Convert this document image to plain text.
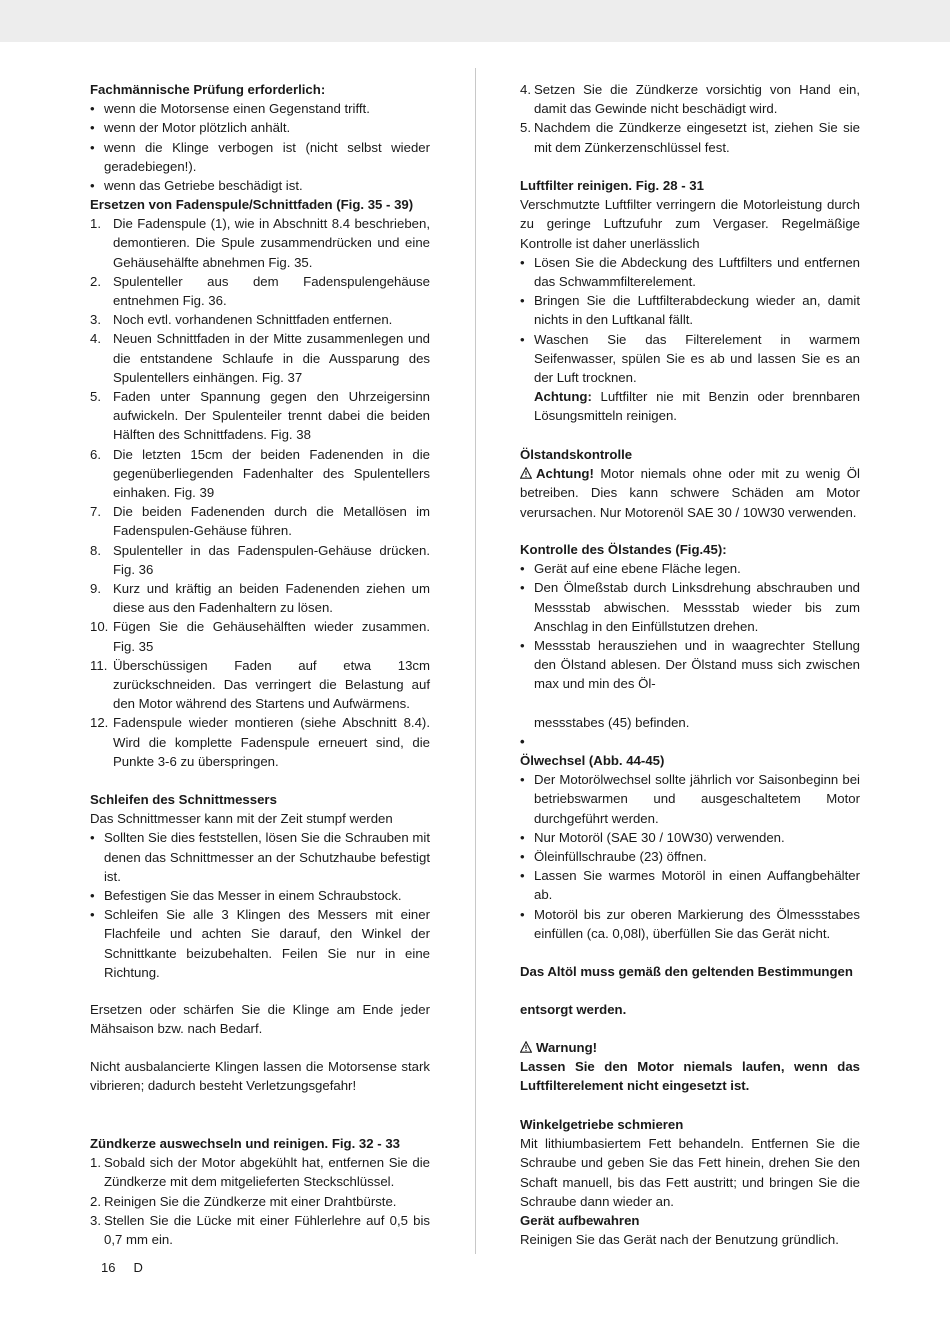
Fachmännische Prüfung erforderlich:
• wenn die Motorsense einen Gegenstand trifft.
• wenn der Motor plötzlich anhält.
• wenn die Klinge verbogen ist (nicht selbst wieder geradebiegen!).
• wenn das Getriebe beschädigt ist.
Ersetzen von Fadenspule/Schnittfaden (Fig. 35 - 39)
1. Die Fadenspule (1), wie in Abschnitt 8.4 beschrieben, demontieren. Die Spule zusammendrücken und eine Gehäusehälfte abnehmen Fig. 35.
2. Spulenteller aus dem Fadenspulengehäuse entnehmen Fig. 36.
3. Noch evtl. vorhandenen Schnittfaden entfernen.
4. Neuen Schnittfaden in der Mitte zusammenlegen und die entstandene Schlaufe in die Aussparung des Spulentellers einhängen. Fig. 37
5. Faden unter Spannung gegen den Uhrzeigersinn aufwickeln. Der Spulenteiler trennt dabei die beiden Hälften des Schnittfadens. Fig. 38
6. Die letzten 15cm der beiden Fadenenden in die gegenüberliegenden Fadenhalter des Spulentellers einhaken. Fig. 39
7. Die beiden Fadenenden durch die Metallösen im Fadenspulen-Gehäuse führen.
8. Spulenteller in das Fadenspulen-Gehäuse drücken. Fig. 36
9. Kurz und kräftig an beiden Fadenenden ziehen um diese aus den Fadenhaltern zu lösen.
10. Fügen Sie die Gehäusehälften wieder zusammen. Fig. 35
11. Überschüssigen Faden auf etwa 13cm zurückschneiden. Das verringert die Belastung auf den Motor während des Startens und Aufwärmens.
12. Fadenspule wieder montieren (siehe Abschnitt 8.4). Wird die komplette Fadenspule erneuert sind, die Punkte 3-6 zu überspringen.
Schleifen des Schnittmessers

Das Schnittmesser kann mit der Zeit stumpf werden

• Sollten Sie dies feststellen, lösen Sie die Schrauben mit denen das Schnittmesser an der Schutzhaube befestigt ist.
• Befestigen Sie das Messer in einem Schraubstock.
• Schleifen Sie alle 3 Klingen des Messers mit einer Flachfeile und achten Sie darauf, den Winkel der Schnittkante beizubehalten. Feilen Sie nur in eine Richtung.

Ersetzen oder schärfen Sie die Klinge am Ende jeder Mähsaison bzw. nach Bedarf.

Nicht ausbalancierte Klingen lassen die Motorsense stark vibrieren; dadurch besteht Verletzungsgefahr!

Zündkerze auswechseln und reinigen. Fig. 32 - 33
1. Sobald sich der Motor abgekühlt hat, entfernen Sie die Zündkerze mit dem mitgelieferten Steckschlüssel.
2. Reinigen Sie die Zündkerze mit einer Drahtbürste.
3. Stellen Sie die Lücke mit einer Fühlerlehre auf 0,5 bis 0,7 mm ein.
4. Setzen Sie die Zündkerze vorsichtig von Hand ein, damit das Gewinde nicht beschädigt wird.
5. Nachdem die Zündkerze eingesetzt ist, ziehen Sie sie mit dem Zünkerzenschlüssel fest.
Luftfilter reinigen. Fig. 28 - 31

Verschmutzte Luftfilter verringern die Motorleistung durch zu geringe Luftzufuhr zum Vergaser. Regelmäßige Kontrolle ist daher unerlässlich

• Lösen Sie die Abdeckung des Luftfilters und entfernen das Schwammfilterelement.
• Bringen Sie die Luftfilterabdeckung wieder an, damit nichts in den Luftkanal fällt.
• Waschen Sie das Filterelement in warmem Seifenwasser, spülen Sie es ab und lassen Sie es an der Luft trocknen.

Achtung: Luftfilter nie mit Benzin oder brennbaren Lösungsmitteln reinigen.

Ölstandskontrolle

Achtung! Motor niemals ohne oder mit zu wenig Öl betreiben. Dies kann schwere Schäden am Motor verursachen. Nur Motorenöl SAE 30 / 10W30 verwenden.

Kontrolle des Ölstandes (Fig.45):
• Gerät auf eine ebene Fläche legen.
• Den Ölmeßstab durch Linksdrehung abschrauben und Messstab abwischen. Messstab wieder bis zum Anschlag in den Einfüllstutzen drehen.
• Messstab herausziehen und in waagrechter Stellung den Ölstand ablesen. Der Ölstand muss sich zwischen max und min des Öl-

messstabes (45) befinden.

•

Ölwechsel (Abb. 44-45)
• Der Motorölwechsel sollte jährlich vor Saisonbeginn bei betriebswarmen und ausgeschaltetem Motor durchgeführt werden.
• Nur Motoröl (SAE 30 / 10W30) verwenden.
• Öleinfüllschraube (23) öffnen.
• Lassen Sie warmes Motoröl in einen Auffangbehälter ab.
• Motoröl bis zur oberen Markierung des Ölmessstabes einfüllen (ca. 0,08l), überfüllen Sie das Gerät nicht.

Das Altöl muss gemäß den geltenden Bestimmungen

entsorgt werden.

Warnung!

Lassen Sie den Motor niemals laufen, wenn das Luftfilterelement nicht eingesetzt ist.

Winkelgetriebe schmieren

Mit lithiumbasiertem Fett behandeln. Entfernen Sie die Schraube und geben Sie das Fett hinein, drehen Sie den Schaft manuell, bis das Fett austritt; und bringen Sie die Schraube dann wieder an.

Gerät aufbewahren

Reinigen Sie das Gerät nach der Benutzung gründlich.

16 D
